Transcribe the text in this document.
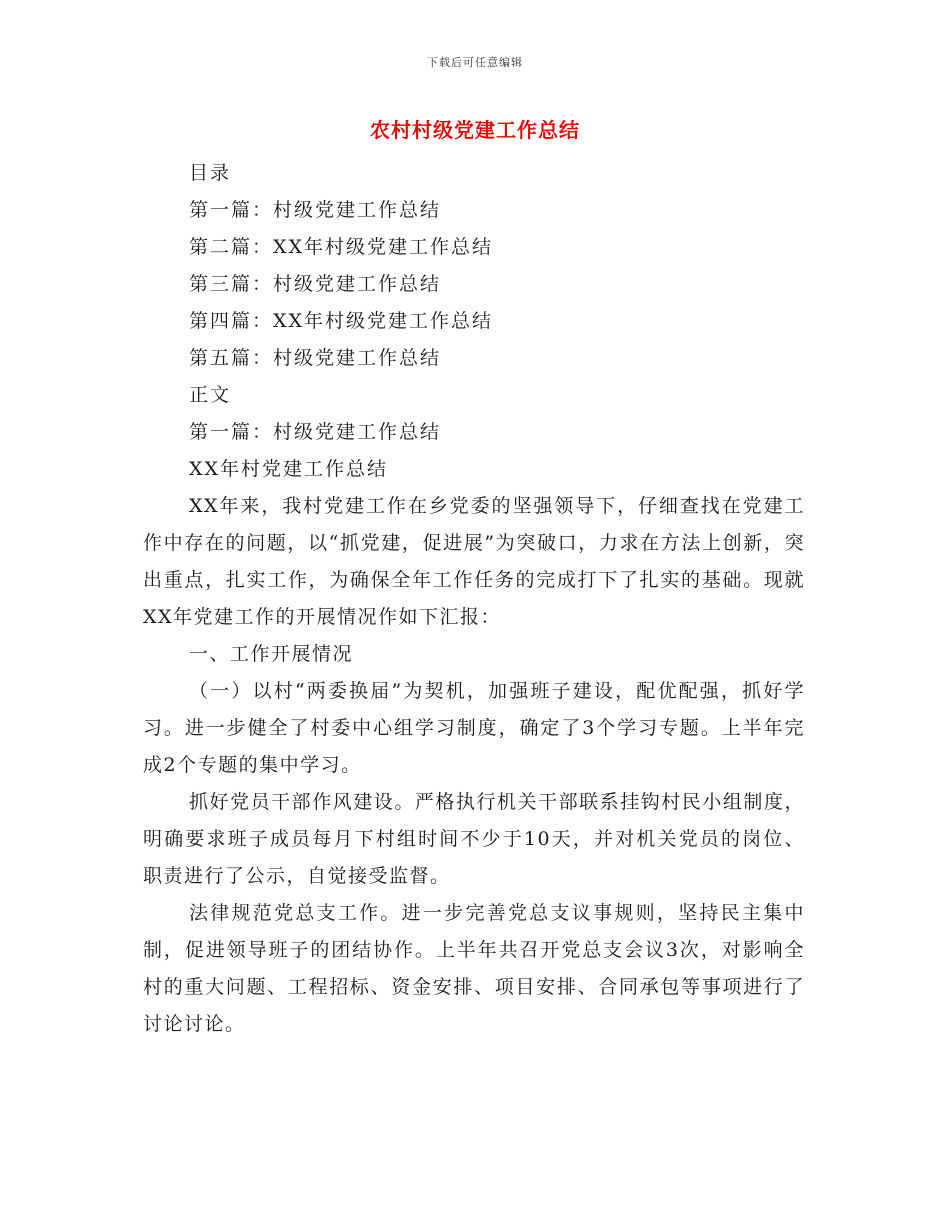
下载后可任意编辑
农村村级党建工作总结
目录
第一篇：村级党建工作总结
第二篇：XX年村级党建工作总结
第三篇：村级党建工作总结
第四篇：XX年村级党建工作总结
第五篇：村级党建工作总结
正文
第一篇：村级党建工作总结
XX年村党建工作总结

XX年来，我村党建工作在乡党委的坚强领导下，仔细查找在党建工作中存在的问题，以“抓党建，促进展”为突破口，力求在方法上创新，突出重点，扎实工作，为确保全年工作任务的完成打下了扎实的基础。现就XX年党建工作的开展情况作如下汇报：

一、工作开展情况

（一）以村“两委换届”为契机，加强班子建设，配优配强，抓好学习。进一步健全了村委中心组学习制度，确定了3个学习专题。上半年完成2个专题的集中学习。

抓好党员干部作风建设。严格执行机关干部联系挂钩村民小组制度，明确要求班子成员每月下村组时间不少于10天，并对机关党员的岗位、职责进行了公示，自觉接受监督。

法律规范党总支工作。进一步完善党总支议事规则，坚持民主集中制，促进领导班子的团结协作。上半年共召开党总支会议3次，对影响全村的重大问题、工程招标、资金安排、项目安排、合同承包等事项进行了讨论讨论。
